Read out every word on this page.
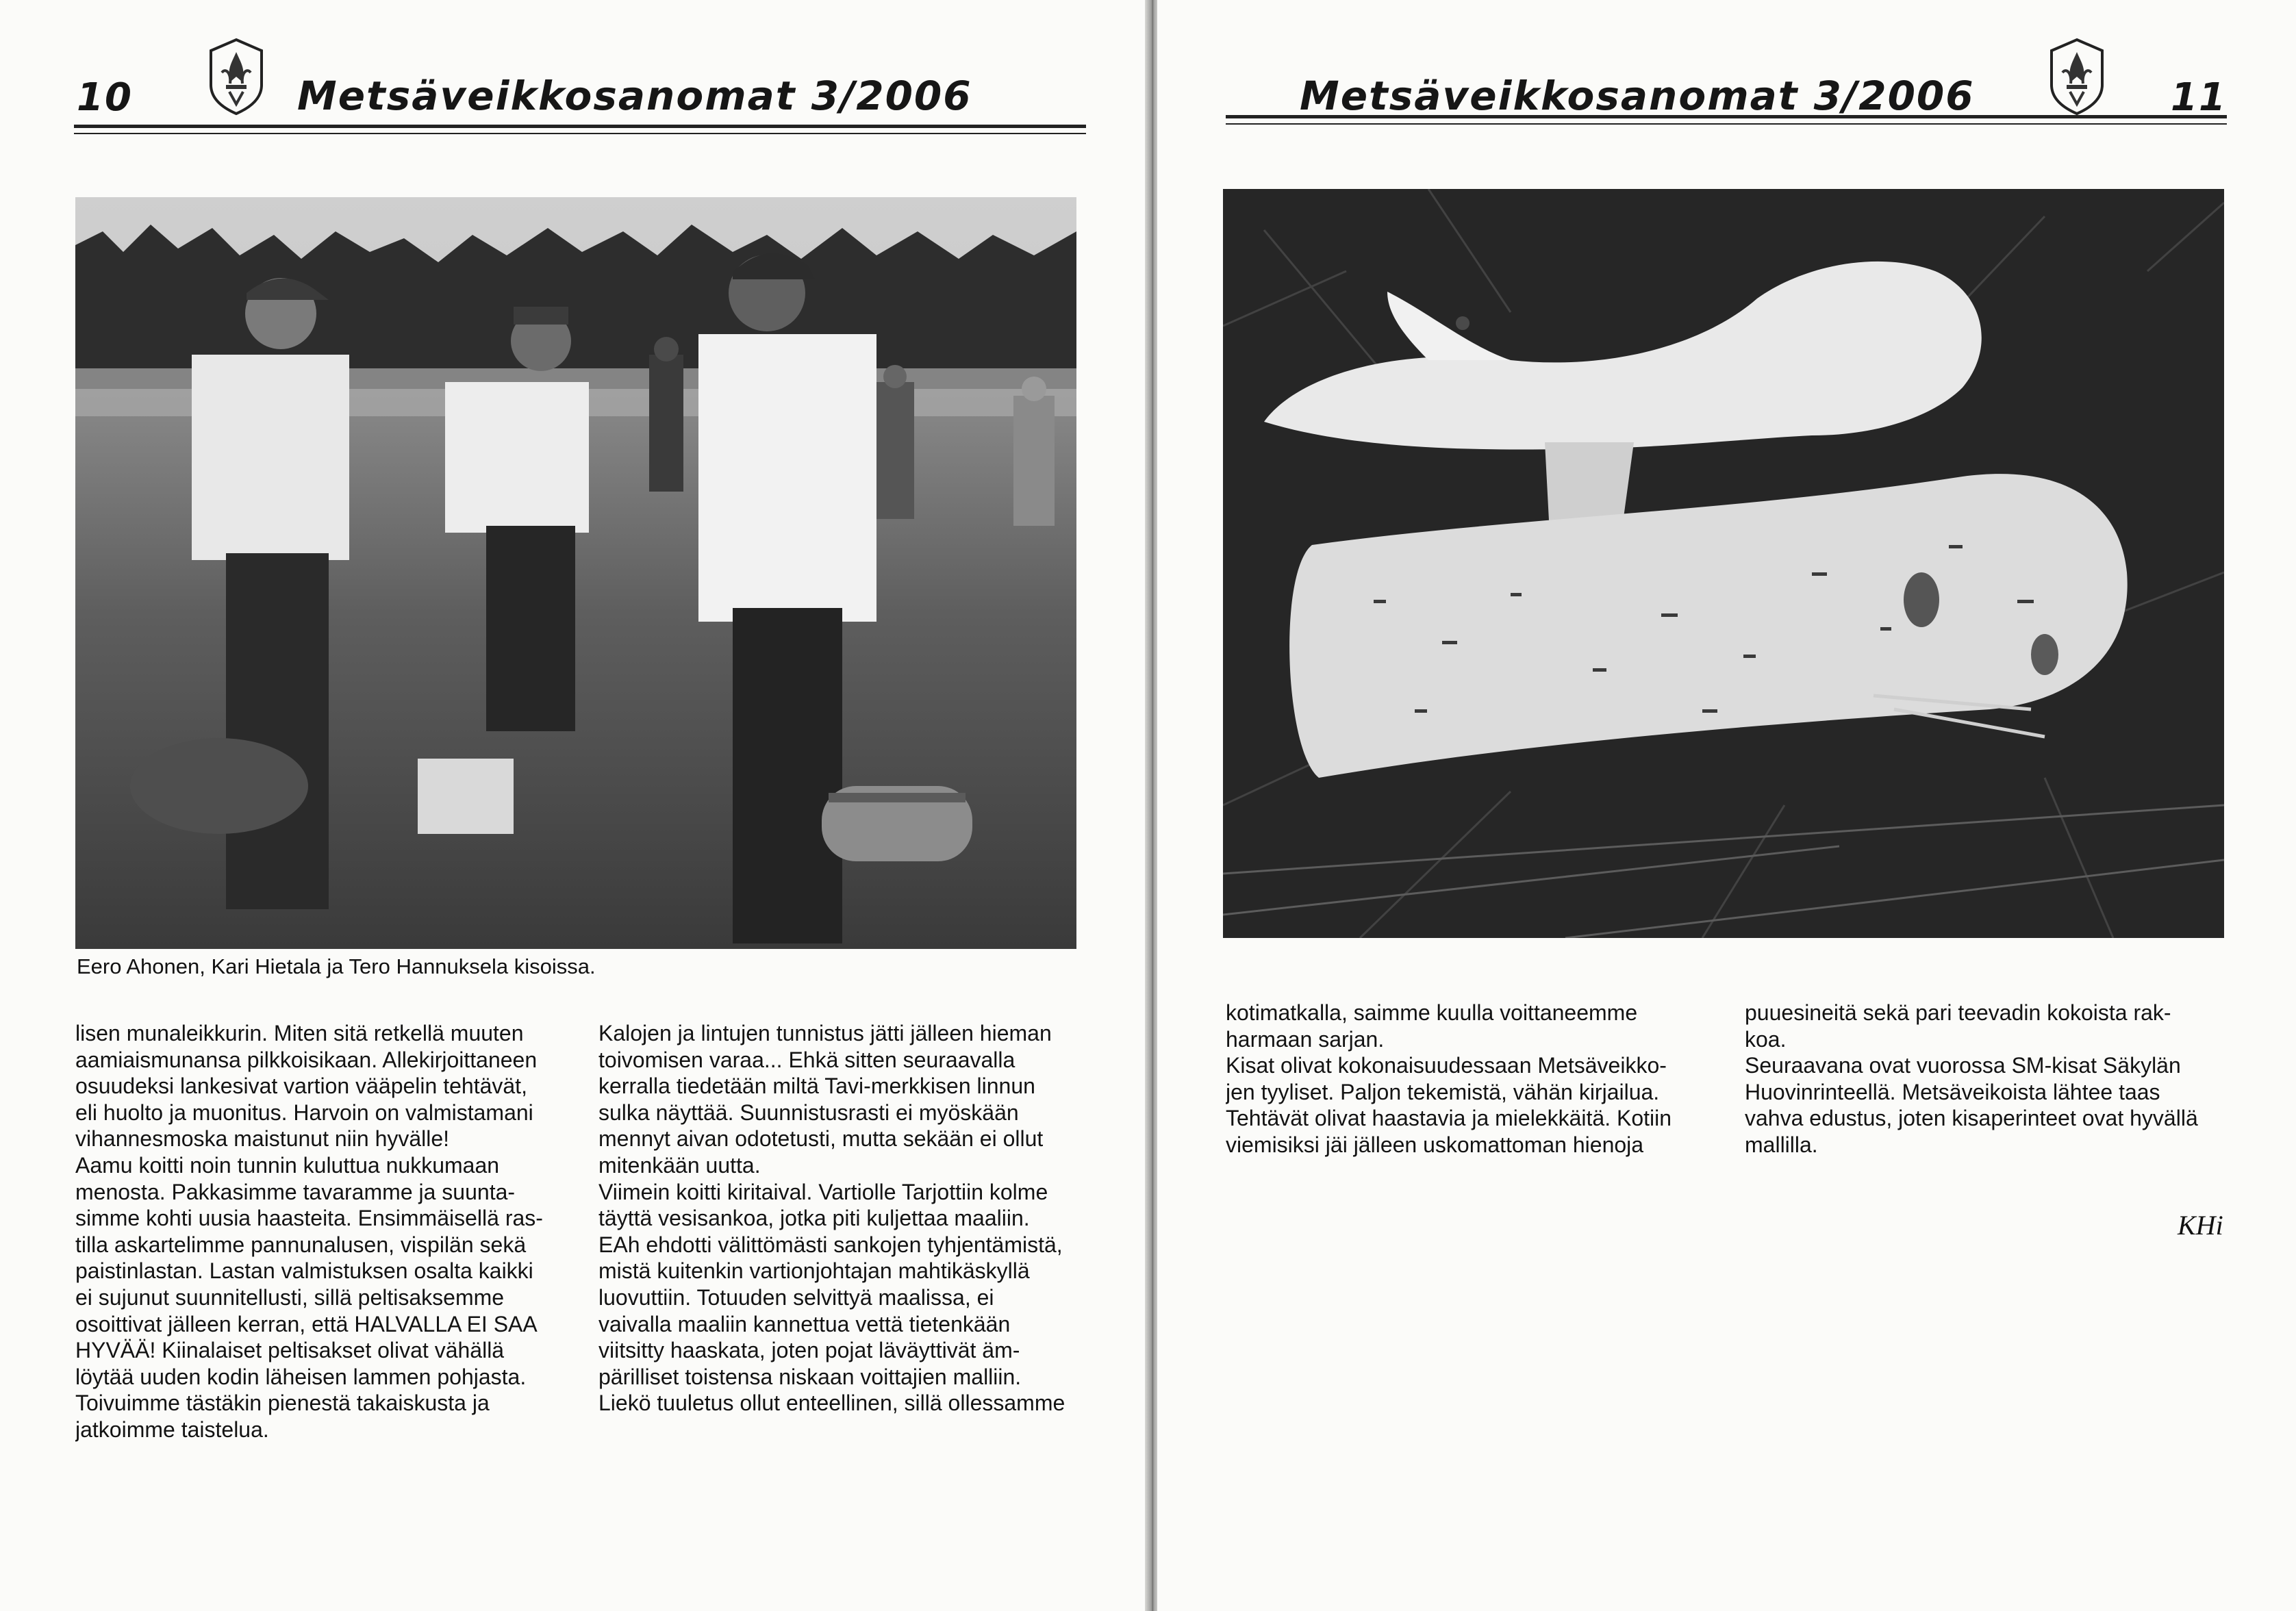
10	Metsäveikkosanomat 3/2006
Eero Ahonen, Kari Hietala ja Tero Hannuksela kisoissa.
lisen munaleikkurin. Miten sitä retkellä muuten
aamiaismunansa pilkkoisikaan. Allekirjoittaneen
osuudeksi lankesivat vartion vääpelin tehtävät,
eli huolto ja muonitus. Harvoin on valmistamani
vihannesmoska maistunut niin hyvälle!
Aamu koitti noin tunnin kuluttua nukkumaan
menosta. Pakkasimme tavaramme ja suunta-
simme kohti uusia haasteita. Ensimmäisellä ras-
tilla askartelimme pannunalusen, vispilän sekä
paistinlastan. Lastan valmistuksen osalta kaikki
ei sujunut suunnitellusti, sillä peltisaksemme
osoittivat jälleen kerran, että HALVALLA EI SAA
HYVÄÄ! Kiinalaiset peltisakset olivat vähällä
löytää uuden kodin läheisen lammen pohjasta.
Toivuimme tästäkin pienestä takaiskusta ja
jatkoimme taistelua.
Kalojen ja lintujen tunnistus jätti jälleen hieman
toivomisen varaa... Ehkä sitten seuraavalla
kerralla tiedetään miltä Tavi-merkkisen linnun
sulka näyttää. Suunnistusrasti ei myöskään
mennyt aivan odotetusti, mutta sekään ei ollut
mitenkään uutta.
Viimein koitti kiritaival. Vartiolle Tarjottiin kolme
täyttä vesisankoa, jotka piti kuljettaa maaliin.
EAh ehdotti välittömästi sankojen tyhjentämistä,
mistä kuitenkin vartionjohtajan mahtikäskyllä
luovuttiin. Totuuden selvittyä maalissa, ei
vaivalla maaliin kannettua vettä tietenkään
viitsitty haaskata, joten pojat läväyttivät äm-
pärilliset toistensa niskaan voittajien malliin.
Liekö tuuletus ollut enteellinen, sillä ollessamme
Metsäveikkosanomat 3/2006	11
kotimatkalla, saimme kuulla voittaneemme
harmaan sarjan.
Kisat olivat kokonaisuudessaan Metsäveikko-
jen tyyliset. Paljon tekemistä, vähän kirjailua.
Tehtävät olivat haastavia ja mielekkäitä. Kotiin
viemisiksi jäi jälleen uskomattoman hienoja
puuesineitä sekä pari teevadin kokoista rak-
koa.
Seuraavana ovat vuorossa SM-kisat Säkylän
Huovinrinteellä. Metsäveikoista lähtee taas
vahva edustus, joten kisaperinteet ovat hyvällä
mallilla.
KHi
